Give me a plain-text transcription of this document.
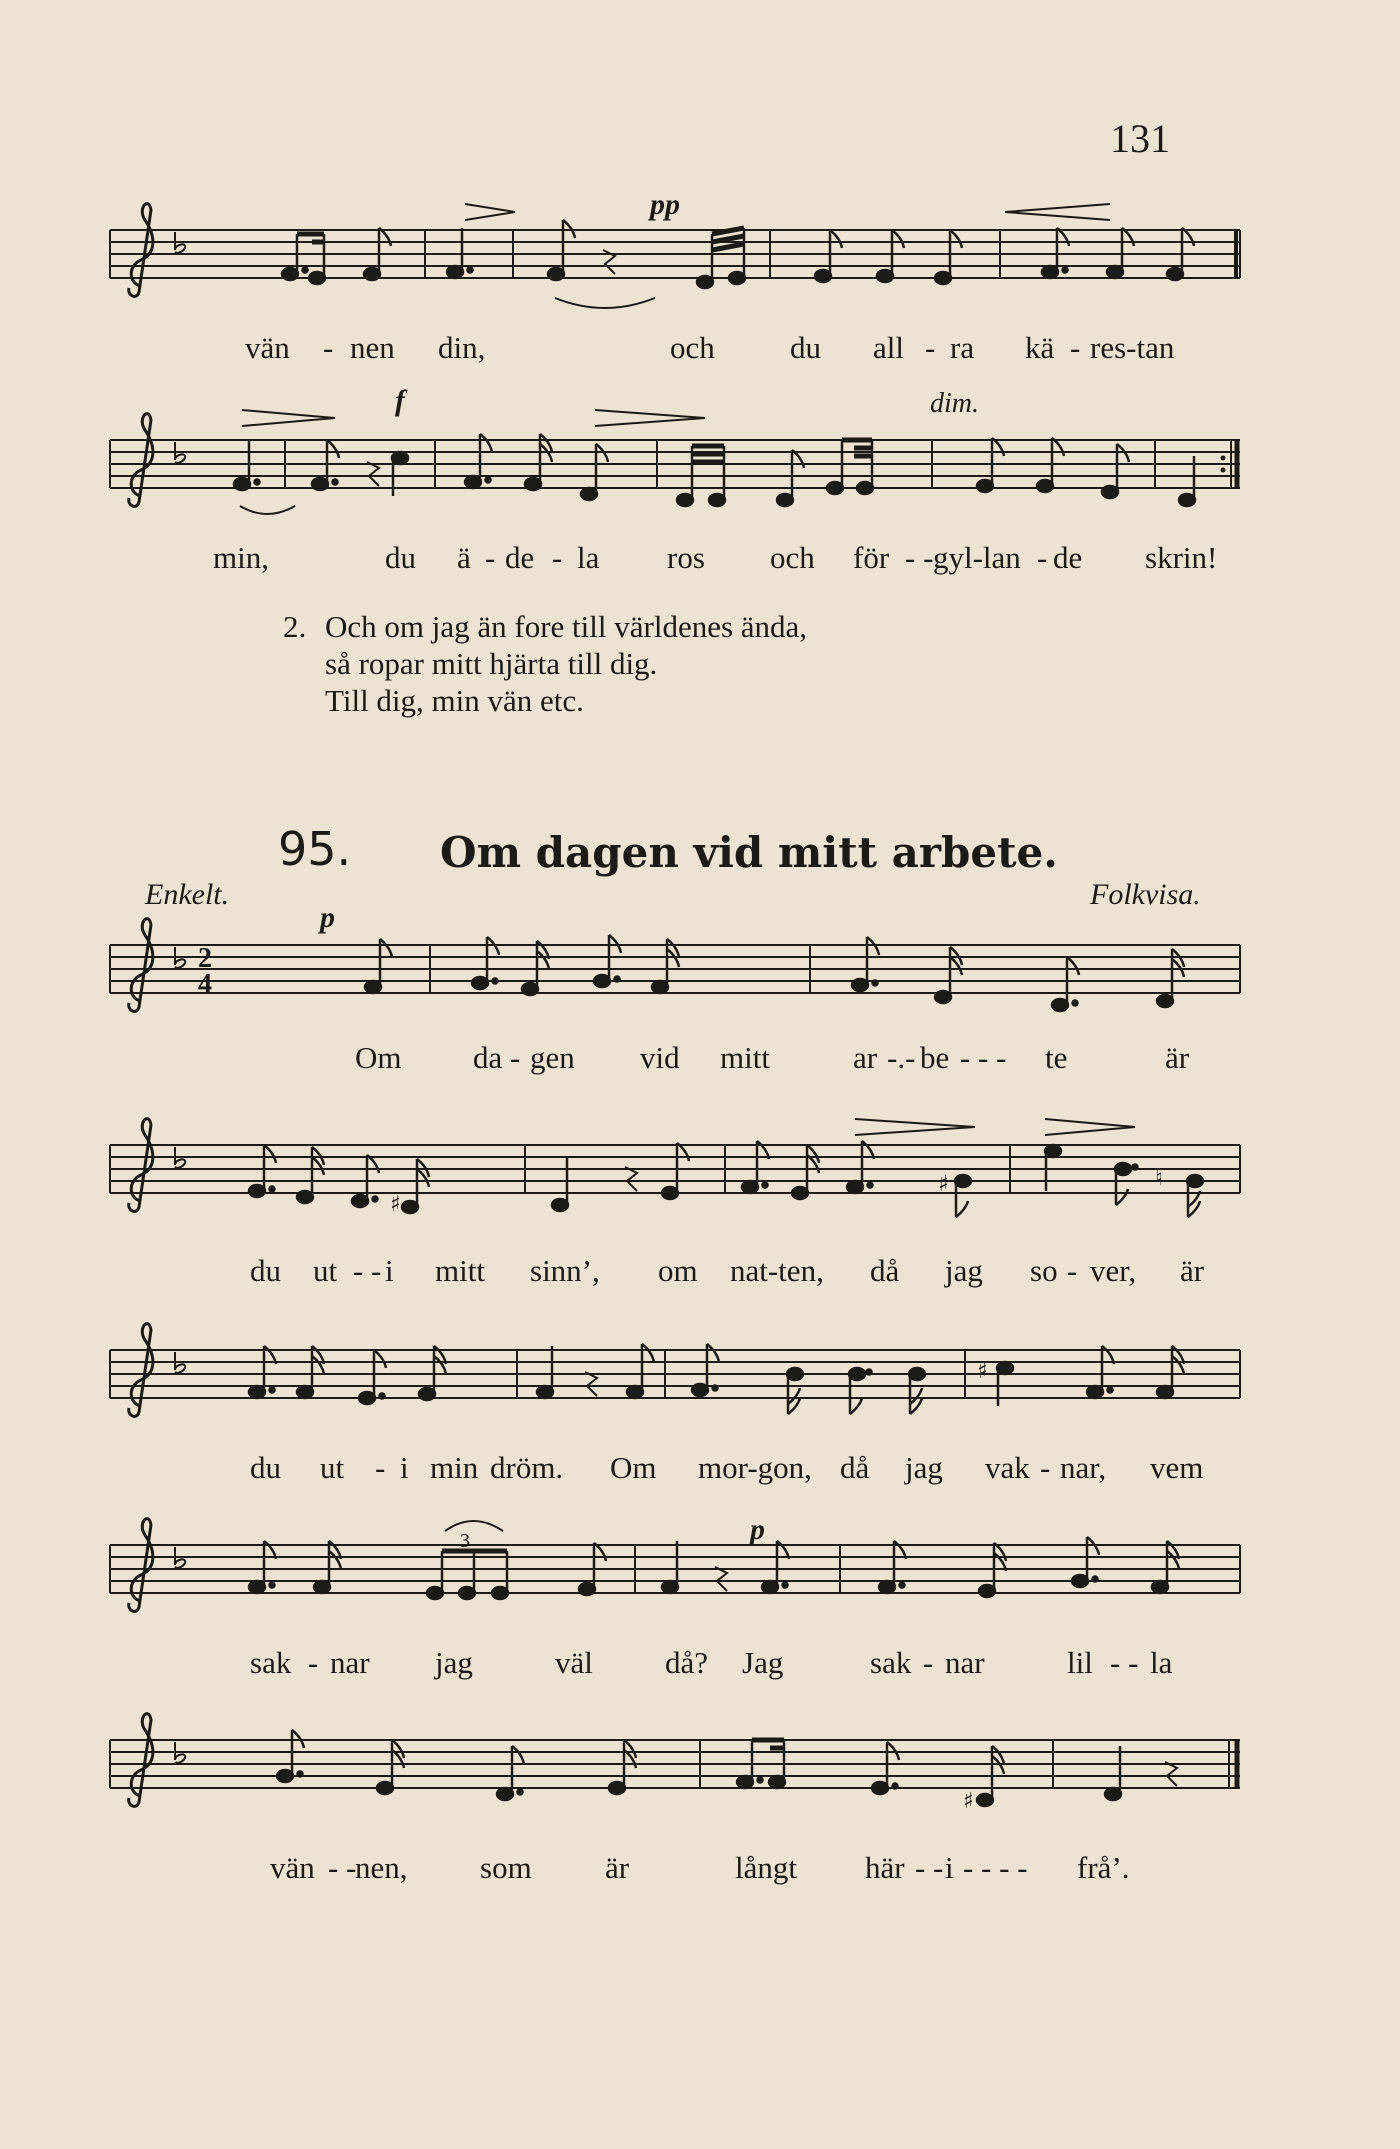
131
pp
vän - nen din,	och du all - ra kä - res-tan
f	dim.
min,	du ä - de - la ros och för - - gyl-lan - de skrin!
2. Och om jag än fore till världenes ända,
så ropar mitt hjärta till dig.
Till dig, min vän etc.
95. Om dagen vid mitt arbete.
Enkelt.	Folkvisa.
2
4
p
Om da - gen vid mitt	ar -.- be - - - te	är
♯
♯	♮
du ut - - i mitt sinn’, om nat-ten, då jag so - ver, är
♯
du ut - i min dröm. Om mor-gon, då jag vak - nar, vem
3	p
sak - nar jag	väl då? Jag	sak - nar	lil - - la
♯
vän - -
nen, som är	långt här - - i - - - - frå’.
